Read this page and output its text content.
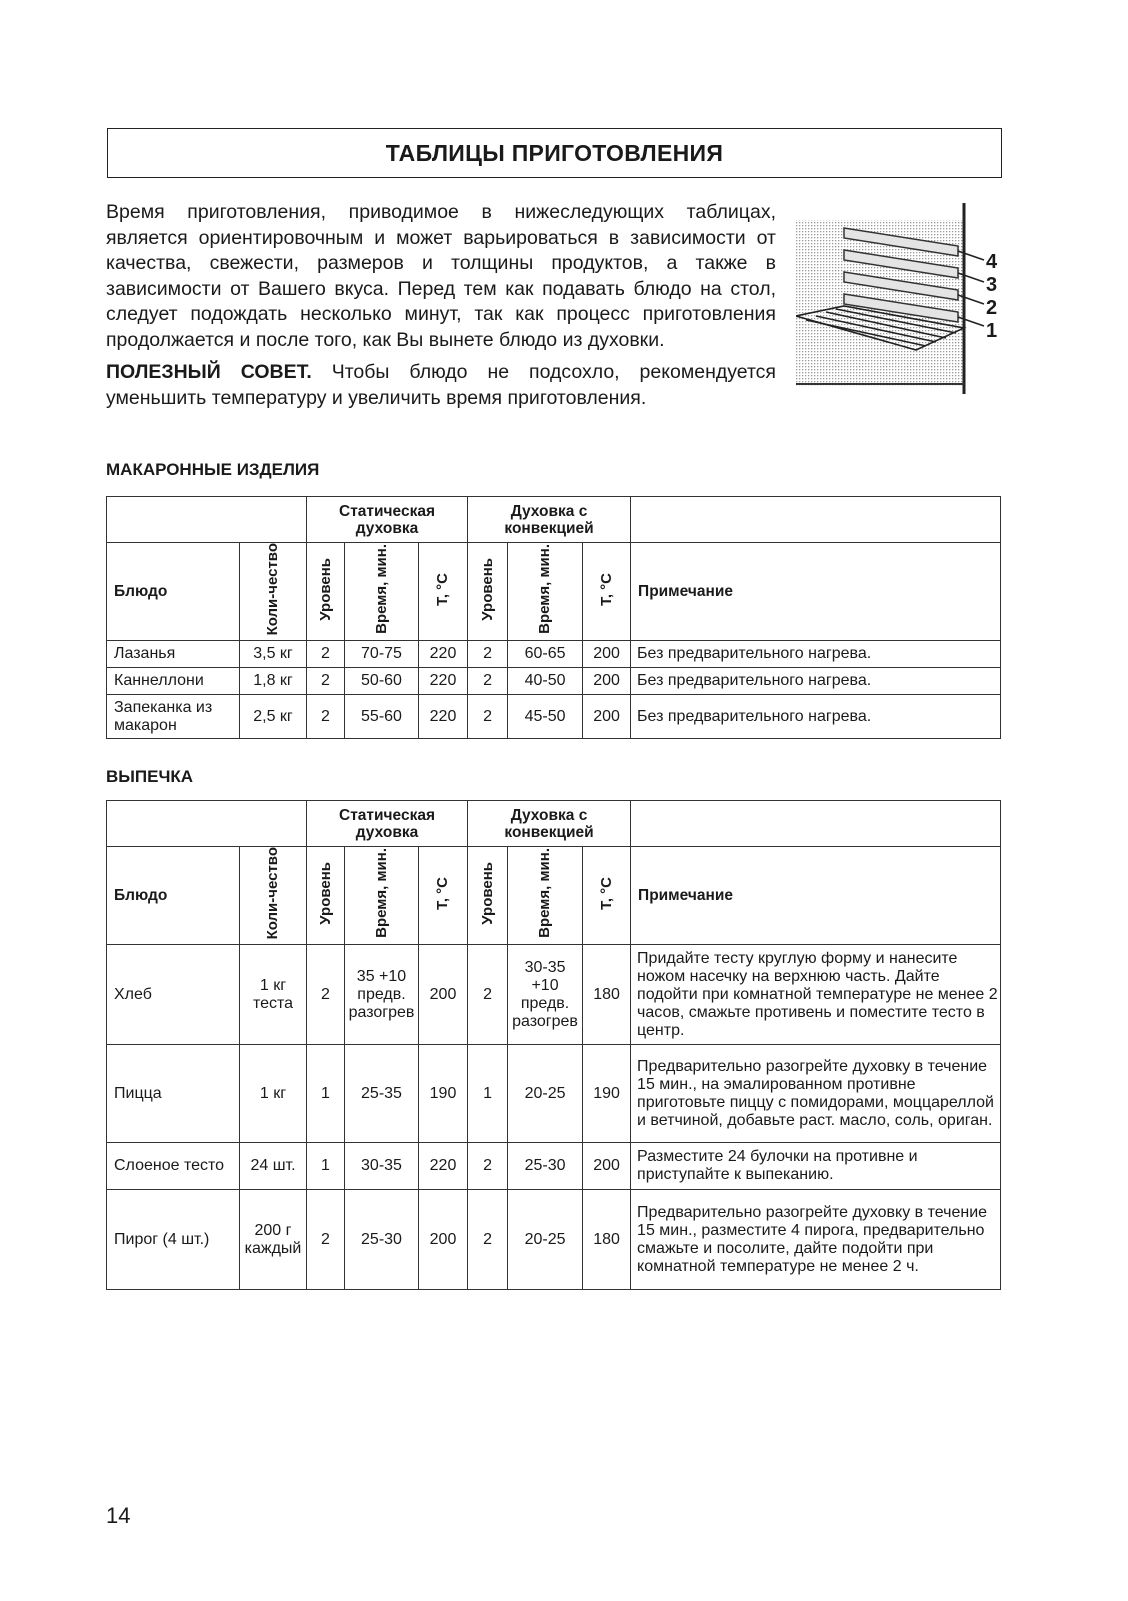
ТАБЛИЦЫ ПРИГОТОВЛЕНИЯ

Время приготовления, приводимое в нижеследующих таблицах, является ориентировочным и может варьироваться в зависимости от качества, свежести, размеров и толщины продуктов, а также в зависимости от Вашего вкуса. Перед тем как подавать блюдо на стол, следует подождать несколько минут, так как процесс приготовления продолжается и после того, как Вы вынете блюдо из духовки.

ПОЛЕЗНЫЙ СОВЕТ. Чтобы блюдо не подсохло, рекомендуется уменьшить температуру и увеличить время приготовления.

4
3
2
1
МАКАРОННЫЕ ИЗДЕЛИЯ
		Статическая духовка			Духовка с конвекцией			
Блюдо	Коли-чество	Уровень	Время, мин.	Т, °С	Уровень	Время, мин.	Т, °С	Примечание
Лазанья	3,5 кг	2	70-75	220	2	60-65	200	Без предварительного нагрева.
Каннеллони	1,8 кг	2	50-60	220	2	40-50	200	Без предварительного нагрева.
Запеканка из макарон	2,5 кг	2	55-60	220	2	45-50	200	Без предварительного нагрева.
ВЫПЕЧКА
		Статическая духовка			Духовка с конвекцией			
Блюдо	Коли-чество	Уровень	Время, мин.	Т, °С	Уровень	Время, мин.	Т, °С	Примечание
Хлеб	1 кг теста	2	35 +10 предв. разогрев	200	2	30-35 +10 предв. разогрев	180	Придайте тесту круглую форму и нанесите ножом насечку на верхнюю часть. Дайте подойти при комнатной температуре не менее 2 часов, смажьте противень и поместите тесто в центр.
Пицца	1 кг	1	25-35	190	1	20-25	190	Предварительно разогрейте духовку в течение 15 мин., на эмалированном противне приготовьте пиццу с помидорами, моццареллой и ветчиной, добавьте раст. масло, соль, ориган.
Слоеное тесто	24 шт.	1	30-35	220	2	25-30	200	Разместите 24 булочки на противне и приступайте к выпеканию.
Пирог (4 шт.)	200 г каждый	2	25-30	200	2	20-25	180	Предварительно разогрейте духовку в течение 15 мин., разместите 4 пирога, предварительно смажьте и посолите, дайте подойти при комнатной температуре не менее 2 ч.
14
